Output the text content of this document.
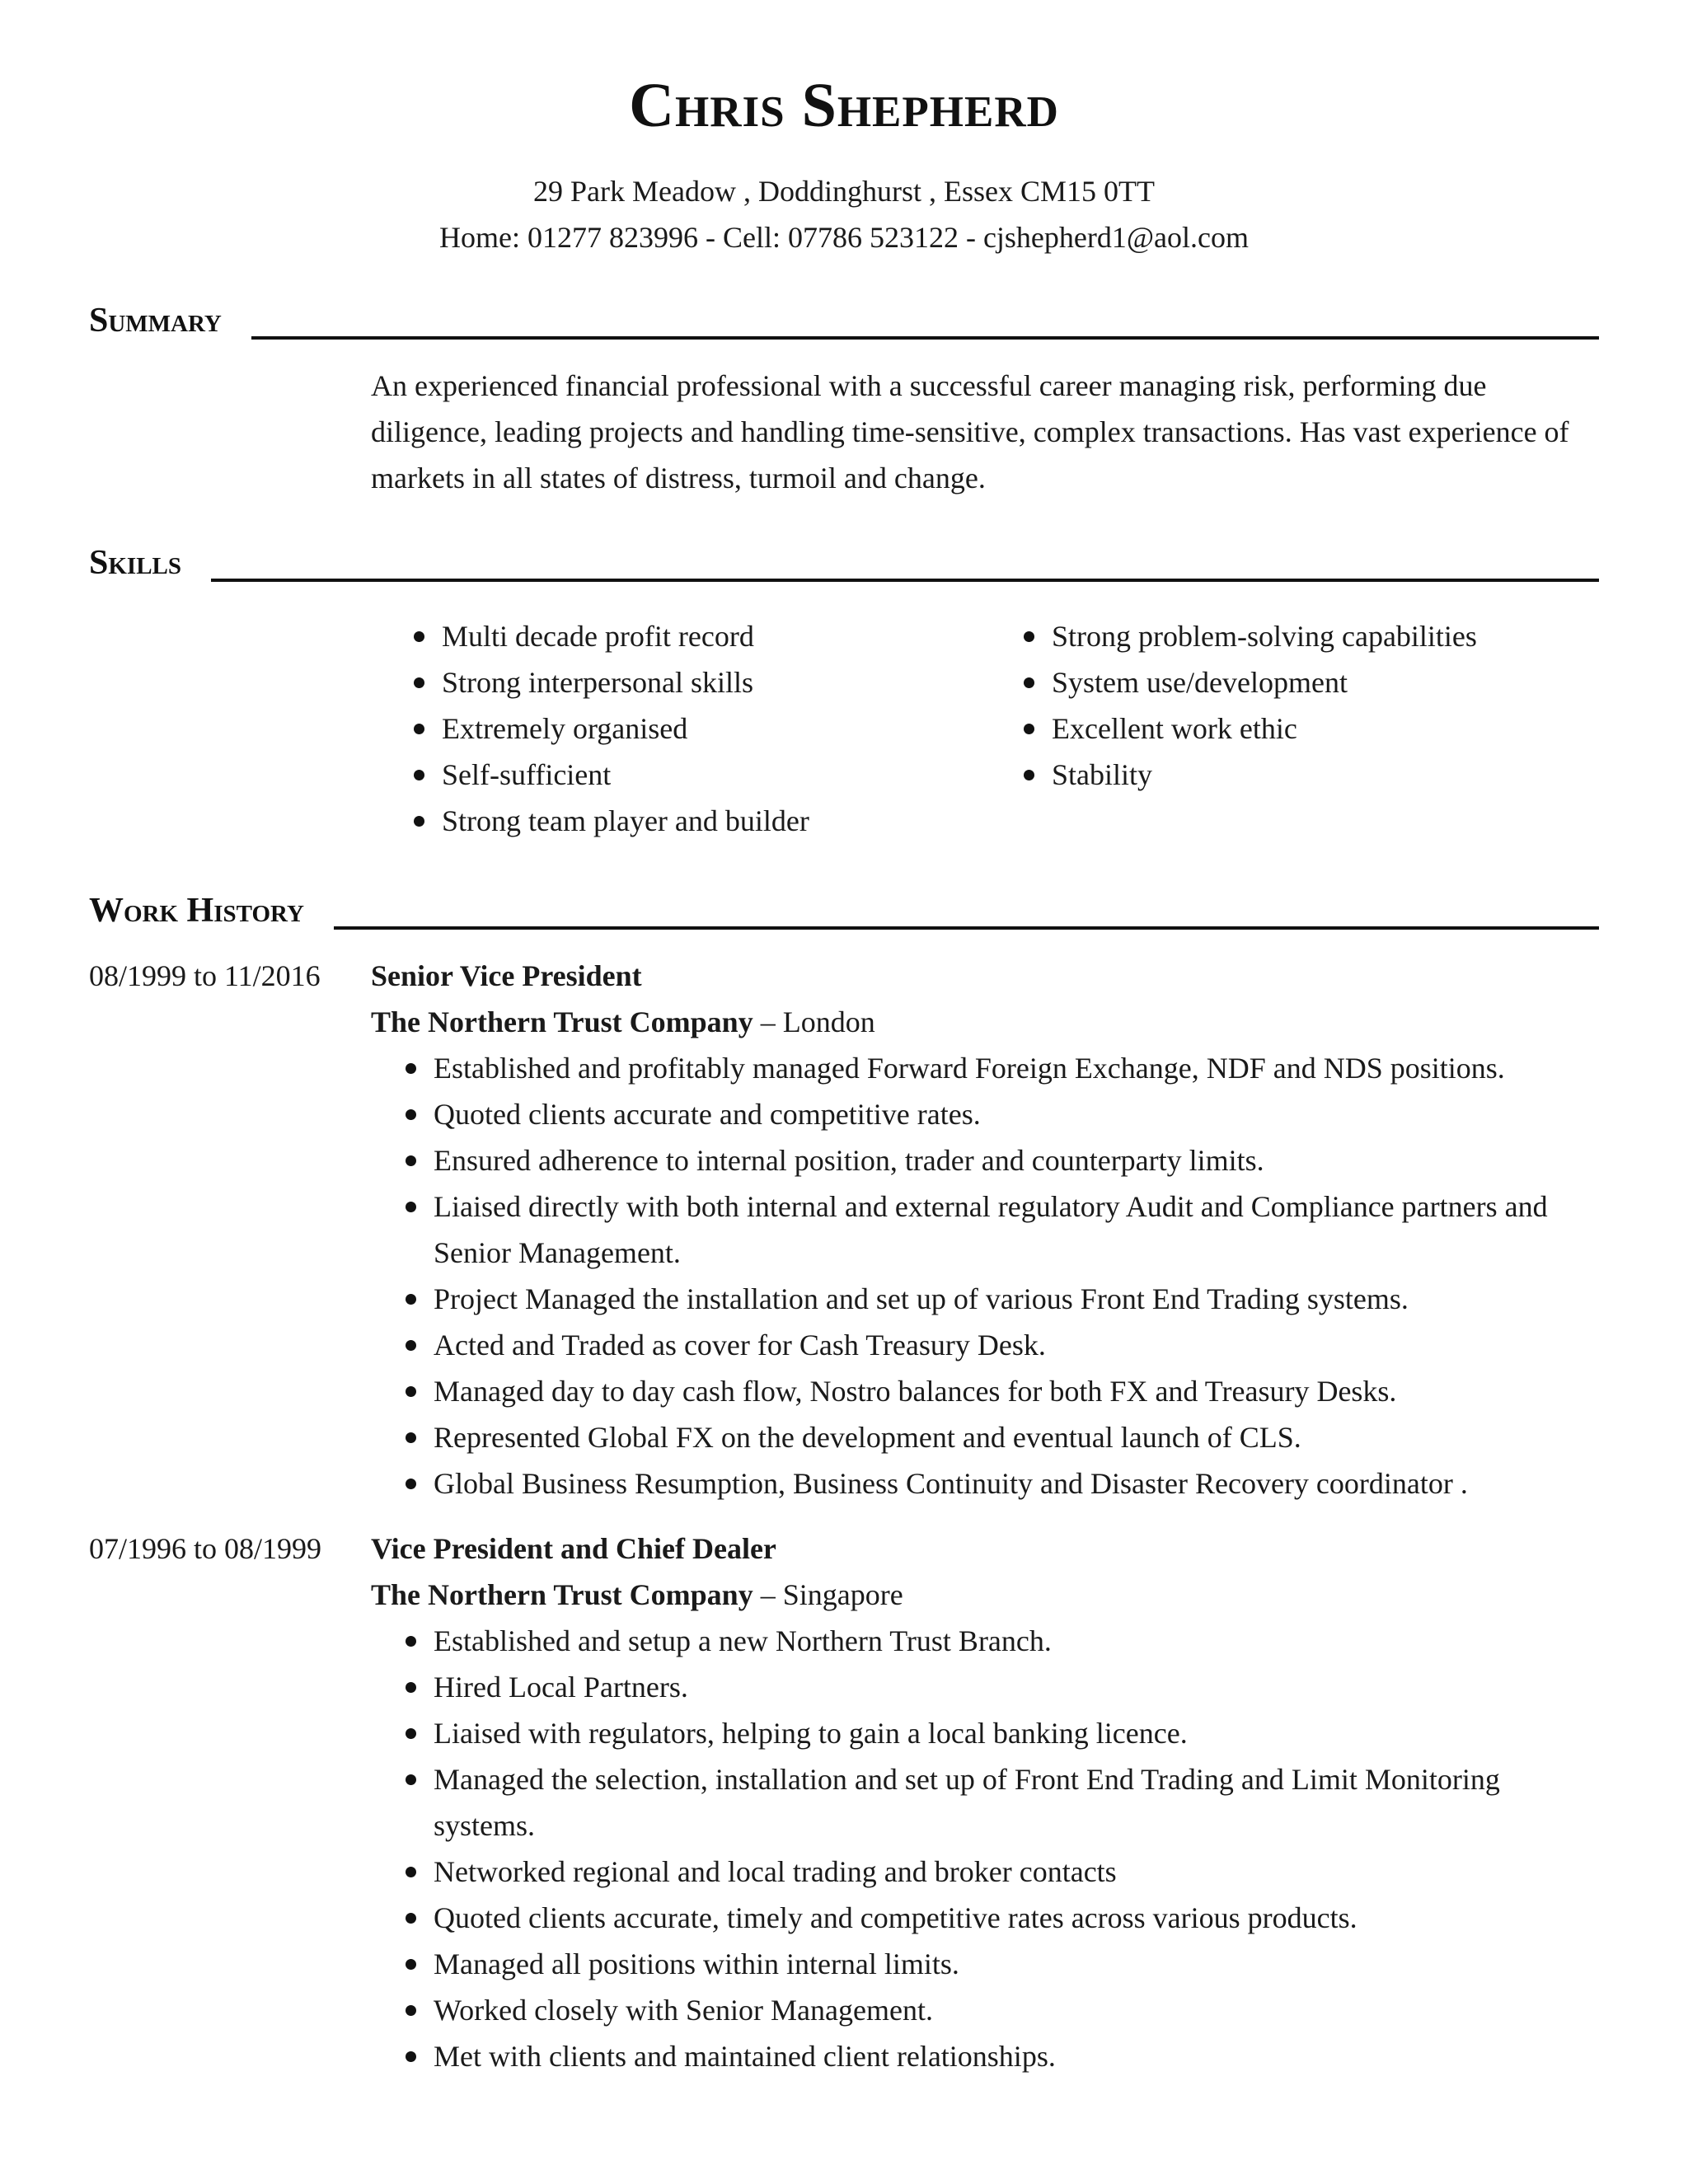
Chris Shepherd
29 Park Meadow , Doddinghurst , Essex CM15 0TT
Home: 01277 823996 - Cell: 07786 523122 - cjshepherd1@aol.com
Summary
An experienced financial professional with a successful career managing risk, performing due diligence, leading projects and handling time-sensitive, complex transactions. Has vast experience of markets in all states of distress, turmoil and change.
Skills
Multi decade profit record
Strong interpersonal skills
Extremely organised
Self-sufficient
Strong team player and builder
Strong problem-solving capabilities
System use/development
Excellent work ethic
Stability
Work History
08/1999 to 11/2016 Senior Vice President
The Northern Trust Company – London
Established and profitably managed Forward Foreign Exchange, NDF and NDS positions.
Quoted clients accurate and competitive rates.
Ensured adherence to internal position, trader and counterparty limits.
Liaised directly with both internal and external regulatory Audit and Compliance partners and Senior Management.
Project Managed the installation and set up of various Front End Trading systems.
Acted and Traded as cover for Cash Treasury Desk.
Managed day to day cash flow, Nostro balances for both FX and Treasury Desks.
Represented Global FX on the development and eventual launch of CLS.
Global Business Resumption, Business Continuity and Disaster Recovery coordinator .
07/1996 to 08/1999 Vice President and Chief Dealer
The Northern Trust Company – Singapore
Established and setup a new Northern Trust Branch.
Hired Local Partners.
Liaised with regulators, helping to gain a local banking licence.
Managed the selection, installation and set up of Front End Trading and Limit Monitoring systems.
Networked regional and local trading and broker contacts
Quoted clients accurate, timely and competitive rates across various products.
Managed all positions within internal limits.
Worked closely with Senior Management.
Met with clients and maintained client relationships.
